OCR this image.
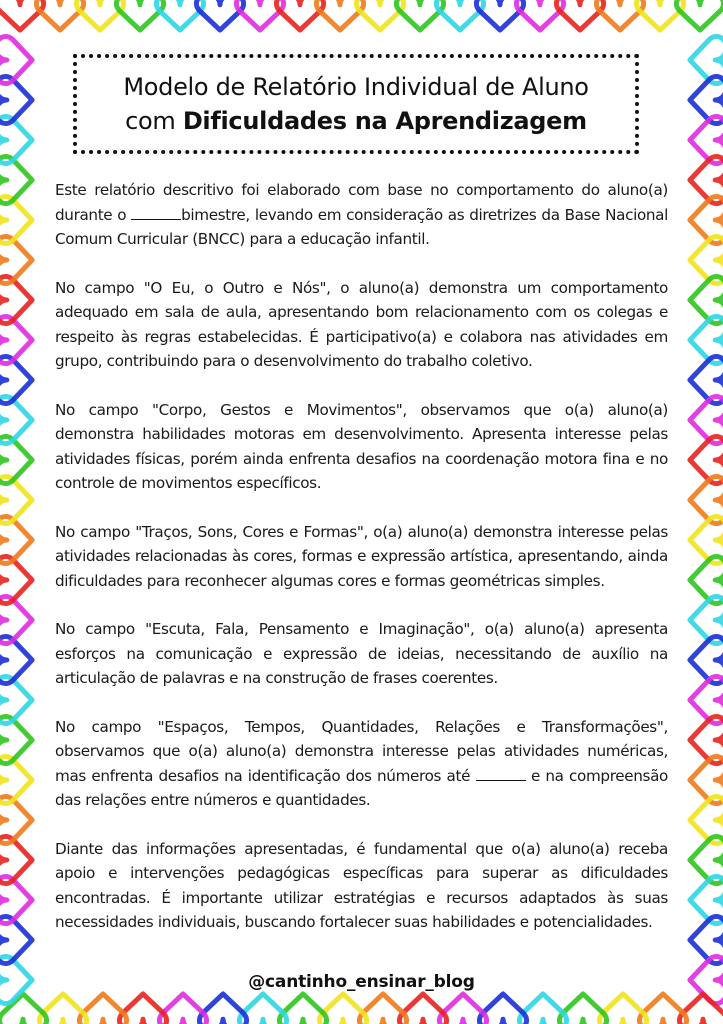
Modelo de Relatório Individual de Aluno
com Dificuldades na Aprendizagem

Este relatório descritivo foi elaborado com base no comportamento do aluno(a) durante o	bimestre, levando em consideração as diretrizes da Base Nacional Comum Curricular (BNCC) para a educação infantil.

No campo "O Eu, o Outro e Nós", o aluno(a) demonstra um comportamento adequado em sala de aula, apresentando bom relacionamento com os colegas e respeito às regras estabelecidas. É participativo(a) e colabora nas atividades em grupo, contribuindo para o desenvolvimento do trabalho coletivo.

No campo "Corpo, Gestos e Movimentos", observamos que o(a) aluno(a) demonstra habilidades motoras em desenvolvimento. Apresenta interesse pelas atividades físicas, porém ainda enfrenta desafios na coordenação motora fina e no controle de movimentos específicos.

No campo "Traços, Sons, Cores e Formas", o(a) aluno(a) demonstra interesse pelas atividades relacionadas às cores, formas e expressão artística, apresentando, ainda dificuldades para reconhecer algumas cores e formas geométricas simples.

No campo "Escuta, Fala, Pensamento e Imaginação", o(a) aluno(a) apresenta esforços na comunicação e expressão de ideias, necessitando de auxílio na articulação de palavras e na construção de frases coerentes.

No campo "Espaços, Tempos, Quantidades, Relações e Transformações", observamos que o(a) aluno(a) demonstra interesse pelas atividades numéricas, mas enfrenta desafios na identificação dos números até	e na compreensão das relações entre números e quantidades.

Diante das informações apresentadas, é fundamental que o(a) aluno(a) receba apoio e intervenções pedagógicas específicas para superar as dificuldades encontradas. É importante utilizar estratégias e recursos adaptados às suas necessidades individuais, buscando fortalecer suas habilidades e potencialidades.

@cantinho_ensinar_blog
